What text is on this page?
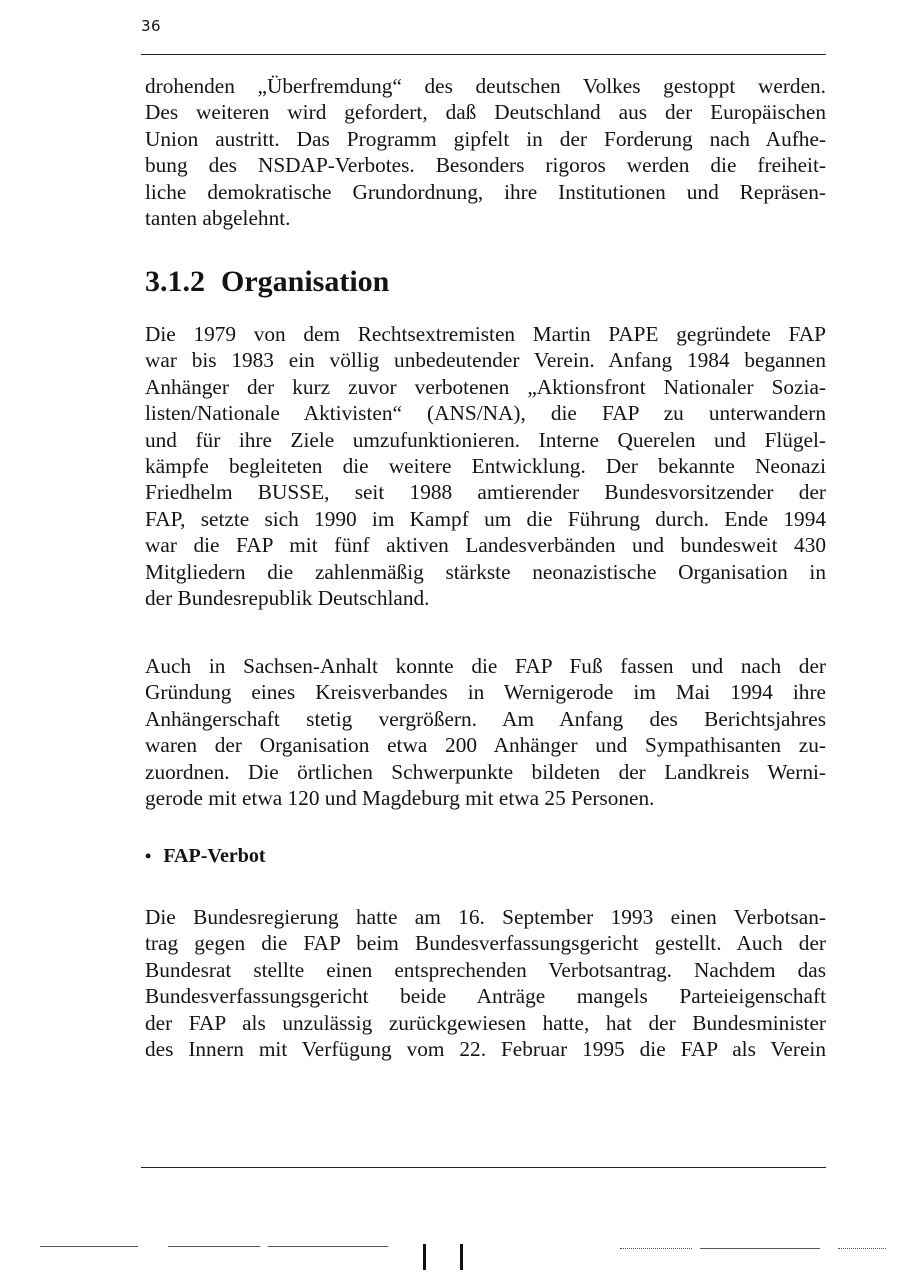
36

drohenden „Überfremdung“ des deutschen Volkes gestoppt werden.
Des weiteren wird gefordert, daß Deutschland aus der Europäischen
Union austritt. Das Programm gipfelt in der Forderung nach Aufhe-
bung des NSDAP-Verbotes. Besonders rigoros werden die freiheit-
liche demokratische Grundordnung, ihre Institutionen und Repräsen-
tanten abgelehnt.

3.1.2 Organisation

Die 1979 von dem Rechtsextremisten Martin PAPE gegründete FAP
war bis 1983 ein völlig unbedeutender Verein. Anfang 1984 begannen
Anhänger der kurz zuvor verbotenen „Aktionsfront Nationaler Sozia-
listen/Nationale Aktivisten“ (ANS/NA), die FAP zu unterwandern
und für ihre Ziele umzufunktionieren. Interne Querelen und Flügel-
kämpfe begleiteten die weitere Entwicklung. Der bekannte Neonazi
Friedhelm BUSSE, seit 1988 amtierender Bundesvorsitzender der
FAP, setzte sich 1990 im Kampf um die Führung durch. Ende 1994
war die FAP mit fünf aktiven Landesverbänden und bundesweit 430
Mitgliedern die zahlenmäßig stärkste neonazistische Organisation in
der Bundesrepublik Deutschland.

Auch in Sachsen-Anhalt konnte die FAP Fuß fassen und nach der
Gründung eines Kreisverbandes in Wernigerode im Mai 1994 ihre
Anhängerschaft stetig vergrößern. Am Anfang des Berichtsjahres
waren der Organisation etwa 200 Anhänger und Sympathisanten zu-
zuordnen. Die örtlichen Schwerpunkte bildeten der Landkreis Werni-
gerode mit etwa 120 und Magdeburg mit etwa 25 Personen.

• FAP-Verbot

Die Bundesregierung hatte am 16. September 1993 einen Verbotsan-
trag gegen die FAP beim Bundesverfassungsgericht gestellt. Auch der
Bundesrat stellte einen entsprechenden Verbotsantrag. Nachdem das
Bundesverfassungsgericht beide Anträge mangels Parteieigenschaft
der FAP als unzulässig zurückgewiesen hatte, hat der Bundesminister
des Innern mit Verfügung vom 22. Februar 1995 die FAP als Verein
